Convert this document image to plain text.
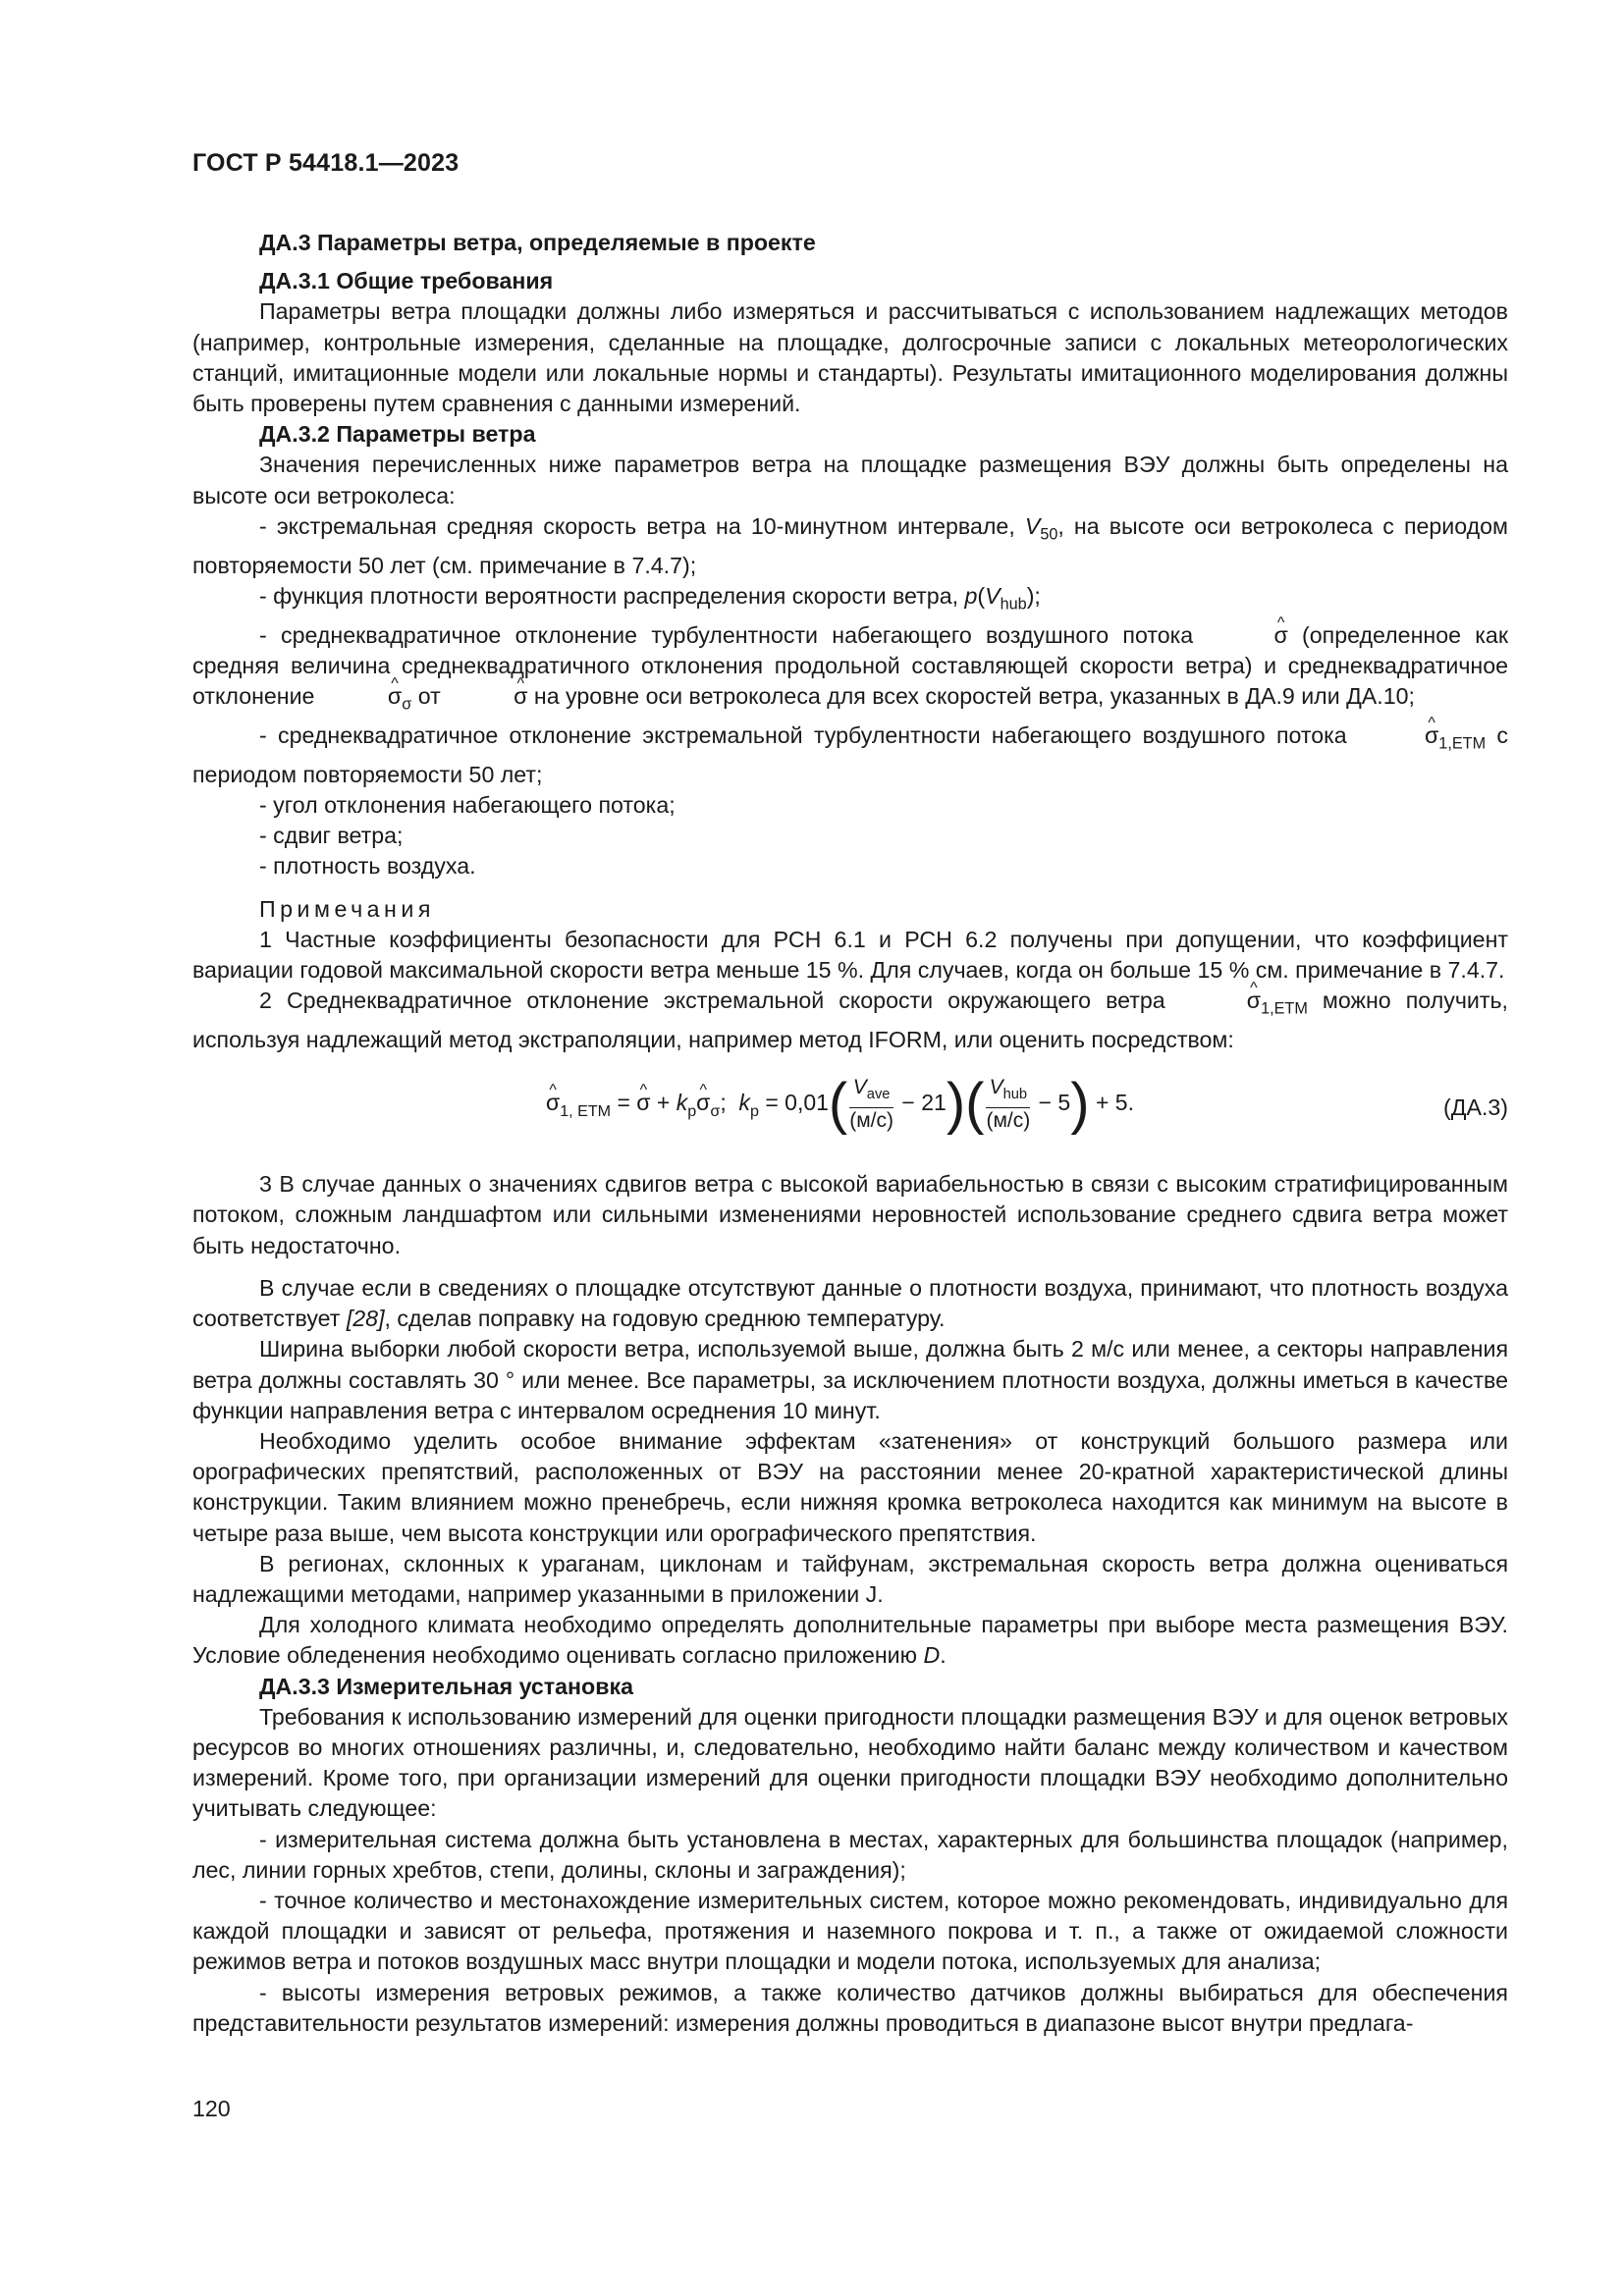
ГОСТ Р 54418.1—2023
ДА.3 Параметры ветра, определяемые в проекте
ДА.3.1 Общие требования

Параметры ветра площадки должны либо измеряться и рассчитываться с использованием надлежащих методов (например, контрольные измерения, сделанные на площадке, долгосрочные записи с локальных метеорологических станций, имитационные модели или локальные нормы и стандарты). Результаты имитационного моделирования должны быть проверены путем сравнения с данными измерений.

ДА.3.2 Параметры ветра

Значения перечисленных ниже параметров ветра на площадке размещения ВЭУ должны быть определены на высоте оси ветроколеса:

- экстремальная средняя скорость ветра на 10-минутном интервале, $V_{50}$, на высоте оси ветроколеса с периодом повторяемости 50 лет (см. примечание в 7.4.7);

- функция плотности вероятности распределения скорости ветра, $p(V_{hub})$;

- среднеквадратичное отклонение турбулентности набегающего воздушного потока	^ σ (определенное как средняя величина среднеквадратичного отклонения продольной составляющей скорости ветра) и среднеквадратичное отклонение	^ $\sigma_\sigma$ от	^ σ на уровне оси ветроколеса для всех скоростей ветра, указанных в ДА.9 или ДА.10;

- среднеквадратичное отклонение экстремальной турбулентности набегающего воздушного потока	^ $\sigma_{1,ETM}$ с периодом повторяемости 50 лет;

- угол отклонения набегающего потока;

- сдвиг ветра;

- плотность воздуха.

Примечания

1 Частные коэффициенты безопасности для РСН 6.1 и РСН 6.2 получены при допущении, что коэффициент вариации годовой максимальной скорости ветра меньше 15 %. Для случаев, когда он больше 15 % см. примечание в 7.4.7.

2 Среднеквадратичное отклонение экстремальной скорости окружающего ветра	^ $\sigma_{1,ETM}$ можно получить, используя надлежащий метод экстраполяции, например метод IFORM, или оценить посредством:

^ $\sigma_{1, ETM}$ = ^ $\sigma + k_p\^{}$ $\sigma_\sigma$;  $k_p = 0,01( \frac{V_{ave}}{(м/с)} - 21)( \frac{V_{hub}}{(м/с)} - 5) + 5$.	(ДА.3)

3 В случае данных о значениях сдвигов ветра с высокой вариабельностью в связи с высоким стратифицированным потоком, сложным ландшафтом или сильными изменениями неровностей использование среднего сдвига ветра может быть недостаточно.

В случае если в сведениях о площадке отсутствуют данные о плотности воздуха, принимают, что плотность воздуха соответствует [28], сделав поправку на годовую среднюю температуру.

Ширина выборки любой скорости ветра, используемой выше, должна быть 2 м/с или менее, а секторы направления ветра должны составлять 30 ° или менее. Все параметры, за исключением плотности воздуха, должны иметься в качестве функции направления ветра с интервалом осреднения 10 минут.

Необходимо уделить особое внимание эффектам «затенения» от конструкций большого размера или орографических препятствий, расположенных от ВЭУ на расстоянии менее 20-кратной характеристической длины конструкции. Таким влиянием можно пренебречь, если нижняя кромка ветроколеса находится как минимум на высоте в четыре раза выше, чем высота конструкции или орографического препятствия.

В регионах, склонных к ураганам, циклонам и тайфунам, экстремальная скорость ветра должна оцениваться надлежащими методами, например указанными в приложении J.

Для холодного климата необходимо определять дополнительные параметры при выборе места размещения ВЭУ. Условие обледенения необходимо оценивать согласно приложению D.

ДА.3.3 Измерительная установка

Требования к использованию измерений для оценки пригодности площадки размещения ВЭУ и для оценок ветровых ресурсов во многих отношениях различны, и, следовательно, необходимо найти баланс между количеством и качеством измерений. Кроме того, при организации измерений для оценки пригодности площадки ВЭУ необходимо дополнительно учитывать следующее:

- измерительная система должна быть установлена в местах, характерных для большинства площадок (например, лес, линии горных хребтов, степи, долины, склоны и заграждения);

- точное количество и местонахождение измерительных систем, которое можно рекомендовать, индивидуально для каждой площадки и зависят от рельефа, протяжения и наземного покрова и т. п., а также от ожидаемой сложности режимов ветра и потоков воздушных масс внутри площадки и модели потока, используемых для анализа;

- высоты измерения ветровых режимов, а также количество датчиков должны выбираться для обеспечения представительности результатов измерений: измерения должны проводиться в диапазоне высот внутри предлага-

120
